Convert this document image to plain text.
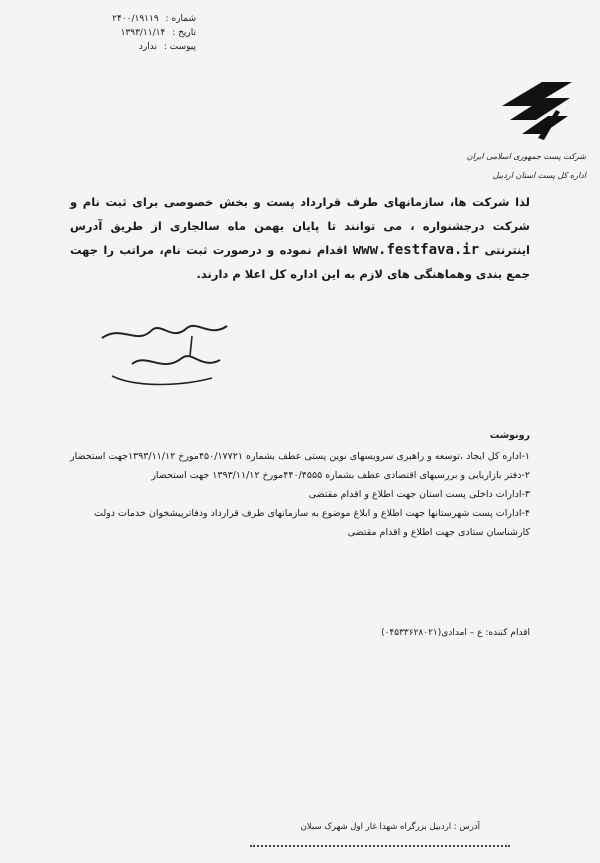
شماره : ۲۴۰۰/۱۹۱۱۹
تاریخ : ۱۳۹۳/۱۱/۱۴
پیوست : ندارد
شرکت پست جمهوری اسلامی ایران
اداره کل پست استان اردبیل
لذا شرکت ها، سازمانهای طرف قرارداد پست و بخش خصوصی برای ثبت نام و شرکت درجشنواره ، می توانند تا پایان بهمن ماه سالجاری از طریق آدرس اینترنتی www.festfava.ir اقدام نموده و درصورت ثبت نام، مراتب را جهت جمع بندی وهماهنگی های لازم به این اداره کل اعلا م دارند.
رونوشت
۱-اداره کل ایجاد ،توسعه و راهبری سرویسهای نوین پستی عطف بشماره ۴۵۰/۱۷۷۲۱مورخ ۱۳۹۳/۱۱/۱۲جهت استحضار
۲-دفتر بازاریابی و بررسیهای اقتصادی عطف بشماره ۴۴۰/۴۵۵۵مورخ ۱۳۹۳/۱۱/۱۲ جهت استحضار
۳-ادارات داخلی پست استان جهت اطلاع و اقدام مقتضی
۴-ادارات پست شهرستانها جهت اطلاع و ابلاغ موضوع به سازمانهای طرف قرارداد ودفاترپیشخوان خدمات دولت
کارشناسان ستادی جهت اطلاع و اقدام مقتضی
اقدام کننده: ع – امدادی(۰۴۵۳۳۶۲۸۰۲۱)
آدرس : اردبیل بزرگراه شهدا غار اول شهرک سبلان
